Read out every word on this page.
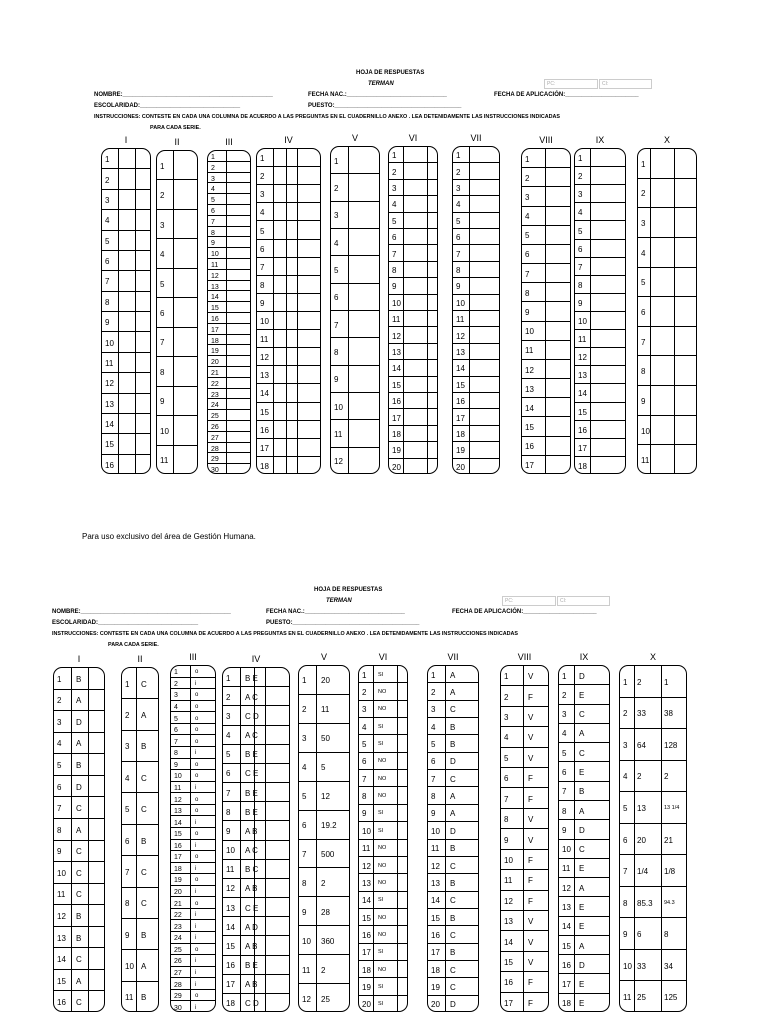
HOJA DE RESPUESTAS
TERMAN	PC:	CI:
NOMBRE:_____________________________________________	FECHA NAC.:______________________________	FECHA DE APLICACIÓN:______________________
ESCOLARIDAD:______________________________	PUESTO:______________________________________
INSTRUCCIONES: CONTESTE EN CADA UNA COLUMNA DE ACUERDO A LAS PREGUNTAS EN EL CUADERNILLO ANEXO . LEA DETENIDAMENTE LAS INSTRUCCIONES INDICADAS
PARA CADA SERIE.
I
1
2
3
4
5
6
7
8
9
10
11
12
13
14
15
16
II
1
2
3
4
5
6
7
8
9
10
11
III
1
2
3
4
5
6
7
8
9
10
11
12
13
14
15
16
17
18
19
20
21
22
23
24
25
26
27
28
29
30
IV
1
2
3
4
5
6
7
8
9
10
11
12
13
14
15
16
17
18
V
1
2
3
4
5
6
7
8
9
10
11
12
VI
1
2
3
4
5
6
7
8
9
10
11
12
13
14
15
16
17
18
19
20
VII
1
2
3
4
5
6
7
8
9
10
11
12
13
14
15
16
17
18
19
20
VIII
1
2
3
4
5
6
7
8
9
10
11
12
13
14
15
16
17
IX
1
2
3
4
5
6
7
8
9
10
11
12
13
14
15
16
17
18
X
1
2
3
4
5
6
7
8
9
10
11
Para uso exclusivo del área de Gestión Humana.
HOJA DE RESPUESTAS
TERMAN	PC:	CI:
NOMBRE:_____________________________________________	FECHA NAC.:______________________________	FECHA DE APLICACIÓN:______________________
ESCOLARIDAD:______________________________	PUESTO:______________________________________
INSTRUCCIONES: CONTESTE EN CADA UNA COLUMNA DE ACUERDO A LAS PREGUNTAS EN EL CUADERNILLO ANEXO . LEA DETENIDAMENTE LAS INSTRUCCIONES INDICADAS
PARA CADA SERIE.
I
1 B
2 A
3 D
4 A
5 B
6 D
7 C
8 A
9 C
10 C
11 C
12 B
13 B
14 C
15 A
16 C
II
1 C
2 A
3 B
4 C
5 C
6 B
7 C
8 C
9 B
10 A
11 B
III
1	o
2	i
3	o
4	o
5	o
6	o
7	o
8	i
9	o
10 o
11 i
12 o
13 o
14 i
15 o
16 i
17 o
18 i
19 o
20 i
21 o
22 i
23 i
24 i
25 o
26 i
27 i
28 i
29 o
30 i
IV
1 B E
2 A C
3 C D
4 A C
5 B E
6 C E
7 B E
8 B E
9 A B
10 A C
11 B C
12 A B
13 C E
14 A D
15 A B
16 B E
17 A B
18 C D
V
1 20
2 11
3 50
4 5
5 12
6 19.2
7 500
8 2
9 28
10 360
11 2
12 25
VI
1 SI
2 NO
3 NO
4 SI
5 SI
6 NO
7 NO
8 NO
9 SI
10 SI
11 NO
12 NO
13 NO
14 SI
15 NO
16 NO
17 SI
18 NO
19 SI
20 SI
VII
1 A
2 A
3 C
4 B
5 B
6 D
7 C
8 A
9 A
10 D
11 B
12 C
13 B
14 C
15 B
16 C
17 B
18 C
19 C
20 D
VIII
1 V
2 F
3 V
4 V
5 V
6 F
7 F
8 V
9 V
10 F
11 F
12 F
13 V
14 V
15 V
16 F
17 F
IX
1 D
2 E
3 C
4 A
5 C
6 E
7 B
8 A
9 D
10 C
11 E
12 A
13 E
14 E
15 A
16 D
17 E
18 E
X
1 2	1
2 33 38
3 64 128
4 2	2
5 13	13 1/4
6 20 21
7 1/4 1/8
8 85.3 94.3
9 6	8
10 33 34
11 25 125
